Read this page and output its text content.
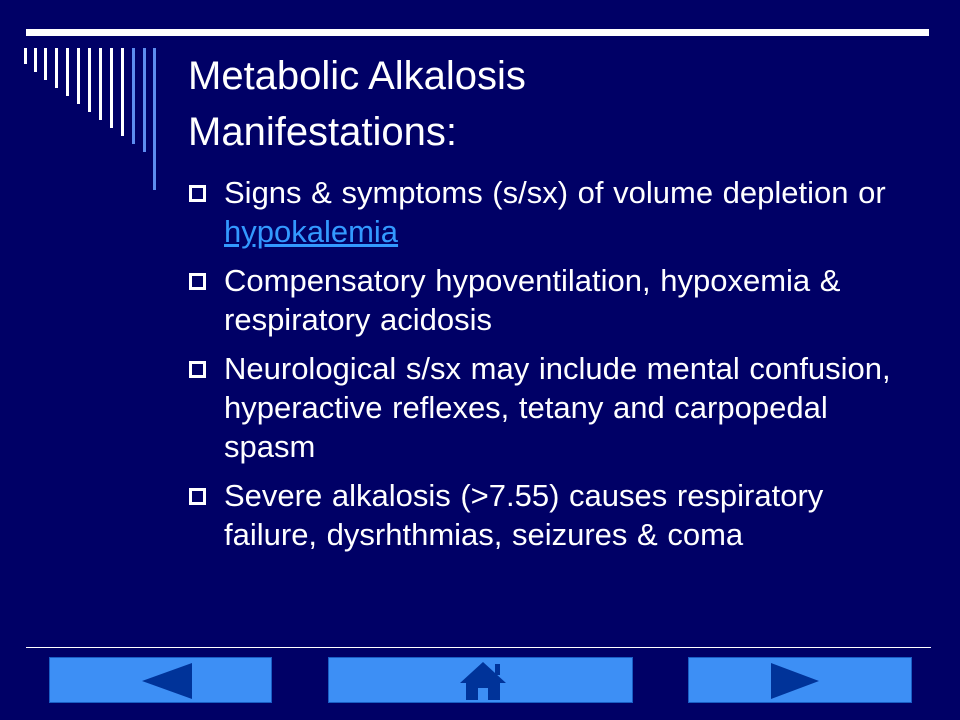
Metabolic Alkalosis
Manifestations:
Signs & symptoms (s/sx) of volume depletion or hypokalemia
Compensatory hypoventilation, hypoxemia & respiratory acidosis
Neurological s/sx may include mental confusion, hyperactive reflexes, tetany and carpopedal spasm
Severe alkalosis (>7.55) causes respiratory failure, dysrhthmias, seizures & coma
